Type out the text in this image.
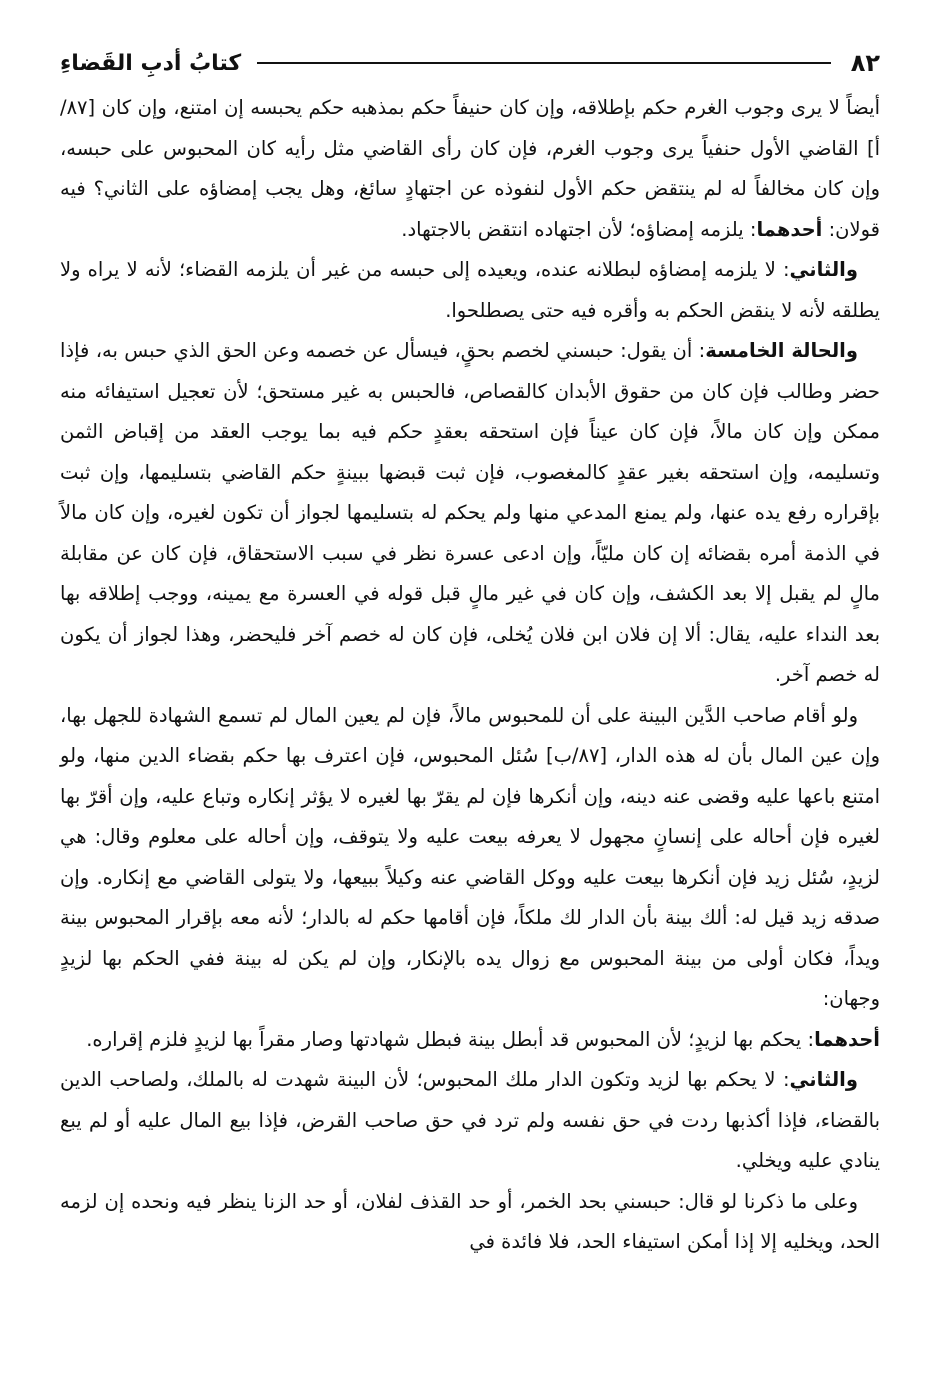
٨٢
كتابُ أدبِ القَضاءِ

أيضاً لا يرى وجوب الغرم حكم بإطلاقه، وإن كان حنيفاً حكم بمذهبه حكم يحبسه إن امتنع، وإن كان [٨٧/أ] القاضي الأول حنفياً يرى وجوب الغرم، فإن كان رأى القاضي مثل رأيه كان المحبوس على حبسه، وإن كان مخالفاً له لم ينتقض حكم الأول لنفوذه عن اجتهادٍ سائغ، وهل يجب إمضاؤه على الثاني؟ فيه قولان: أحدهما: يلزمه إمضاؤه؛ لأن اجتهاده انتقض بالاجتهاد.

والثاني: لا يلزمه إمضاؤه لبطلانه عنده، ويعيده إلى حبسه من غير أن يلزمه القضاء؛ لأنه لا يراه ولا يطلقه لأنه لا ينقض الحكم به وأقره فيه حتى يصطلحوا.

والحالة الخامسة: أن يقول: حبسني لخصم بحقٍ، فيسأل عن خصمه وعن الحق الذي حبس به، فإذا حضر وطالب فإن كان من حقوق الأبدان كالقصاص، فالحبس به غير مستحق؛ لأن تعجيل استيفائه منه ممكن وإن كان مالاً، فإن كان عيناً فإن استحقه بعقدٍ حكم فيه بما يوجب العقد من إقباض الثمن وتسليمه، وإن استحقه بغير عقدٍ كالمغصوب، فإن ثبت قبضها ببينةٍ حكم القاضي بتسليمها، وإن ثبت بإقراره رفع يده عنها، ولم يمنع المدعي منها ولم يحكم له بتسليمها لجواز أن تكون لغيره، وإن كان مالاً في الذمة أمره بقضائه إن كان مليّاً، وإن ادعى عسرة نظر في سبب الاستحقاق، فإن كان عن مقابلة مالٍ لم يقبل إلا بعد الكشف، وإن كان في غير مالٍ قبل قوله في العسرة مع يمينه، ووجب إطلاقه بها بعد النداء عليه، يقال: ألا إن فلان ابن فلان يُخلى، فإن كان له خصم آخر فليحضر، وهذا لجواز أن يكون له خصم آخر.

ولو أقام صاحب الدَّين البينة على أن للمحبوس مالاً، فإن لم يعين المال لم تسمع الشهادة للجهل بها، وإن عين المال بأن له هذه الدار، [٨٧/ب] سُئل المحبوس، فإن اعترف بها حكم بقضاء الدين منها، ولو امتنع باعها عليه وقضى عنه دينه، وإن أنكرها فإن لم يقرّ بها لغيره لا يؤثر إنكاره وتباع عليه، وإن أقرّ بها لغيره فإن أحاله على إنسانٍ مجهول لا يعرفه بيعت عليه ولا يتوقف، وإن أحاله على معلوم وقال: هي لزيدٍ، سُئل زيد فإن أنكرها بيعت عليه ووكل القاضي عنه وكيلاً ببيعها، ولا يتولى القاضي مع إنكاره. وإن صدقه زيد قيل له: ألك بينة بأن الدار لك ملكاً، فإن أقامها حكم له بالدار؛ لأنه معه بإقرار المحبوس بينة ويداً، فكان أولى من بينة المحبوس مع زوال يده بالإنكار، وإن لم يكن له بينة ففي الحكم بها لزيدٍ وجهان:

أحدهما: يحكم بها لزيدٍ؛ لأن المحبوس قد أبطل بينة فبطل شهادتها وصار مقراً بها لزيدٍ فلزم إقراره.

والثاني: لا يحكم بها لزيد وتكون الدار ملك المحبوس؛ لأن البينة شهدت له بالملك، ولصاحب الدين بالقضاء، فإذا أكذبها ردت في حق نفسه ولم ترد في حق صاحب القرض، فإذا بيع المال عليه أو لم يبع ينادي عليه ويخلي.

وعلى ما ذكرنا لو قال: حبسني بحد الخمر، أو حد القذف لفلان، أو حد الزنا ينظر فيه ونحده إن لزمه الحد، ويخليه إلا إذا أمكن استيفاء الحد، فلا فائدة في
